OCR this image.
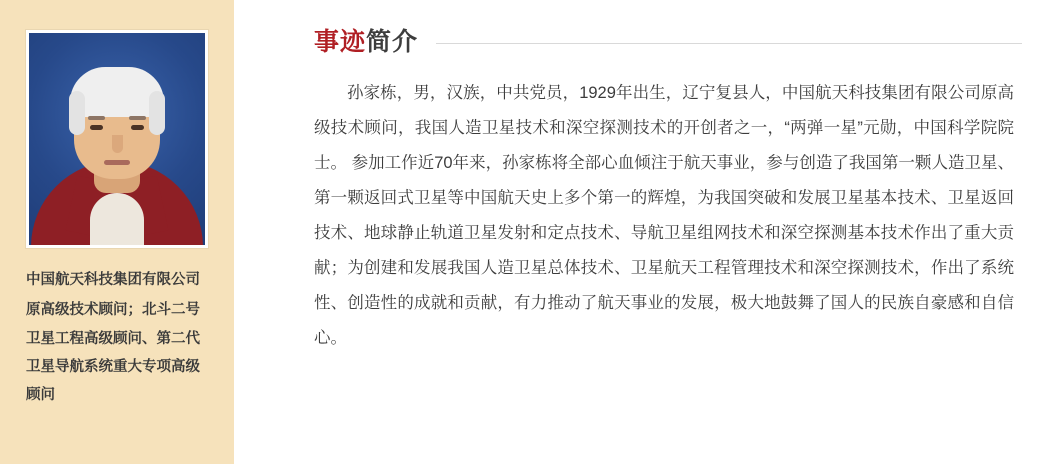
中国航天科技集团有限公司
原高级技术顾问；北斗二号卫星工程高级顾问、第二代卫星导航系统重大专项高级顾问
事迹简介
孙家栋，男，汉族，中共党员，1929年出生，辽宁复县人，中国航天科技集团有限公司原高级技术顾问，我国人造卫星技术和深空探测技术的开创者之一，“两弹一星”元勋，中国科学院院士。 参加工作近70年来，孙家栋将全部心血倾注于航天事业，参与创造了我国第一颗人造卫星、第一颗返回式卫星等中国航天史上多个第一的辉煌，为我国突破和发展卫星基本技术、卫星返回技术、地球静止轨道卫星发射和定点技术、导航卫星组网技术和深空探测基本技术作出了重大贡献；为创建和发展我国人造卫星总体技术、卫星航天工程管理技术和深空探测技术，作出了系统性、创造性的成就和贡献，有力推动了航天事业的发展，极大地鼓舞了国人的民族自豪感和自信心。
